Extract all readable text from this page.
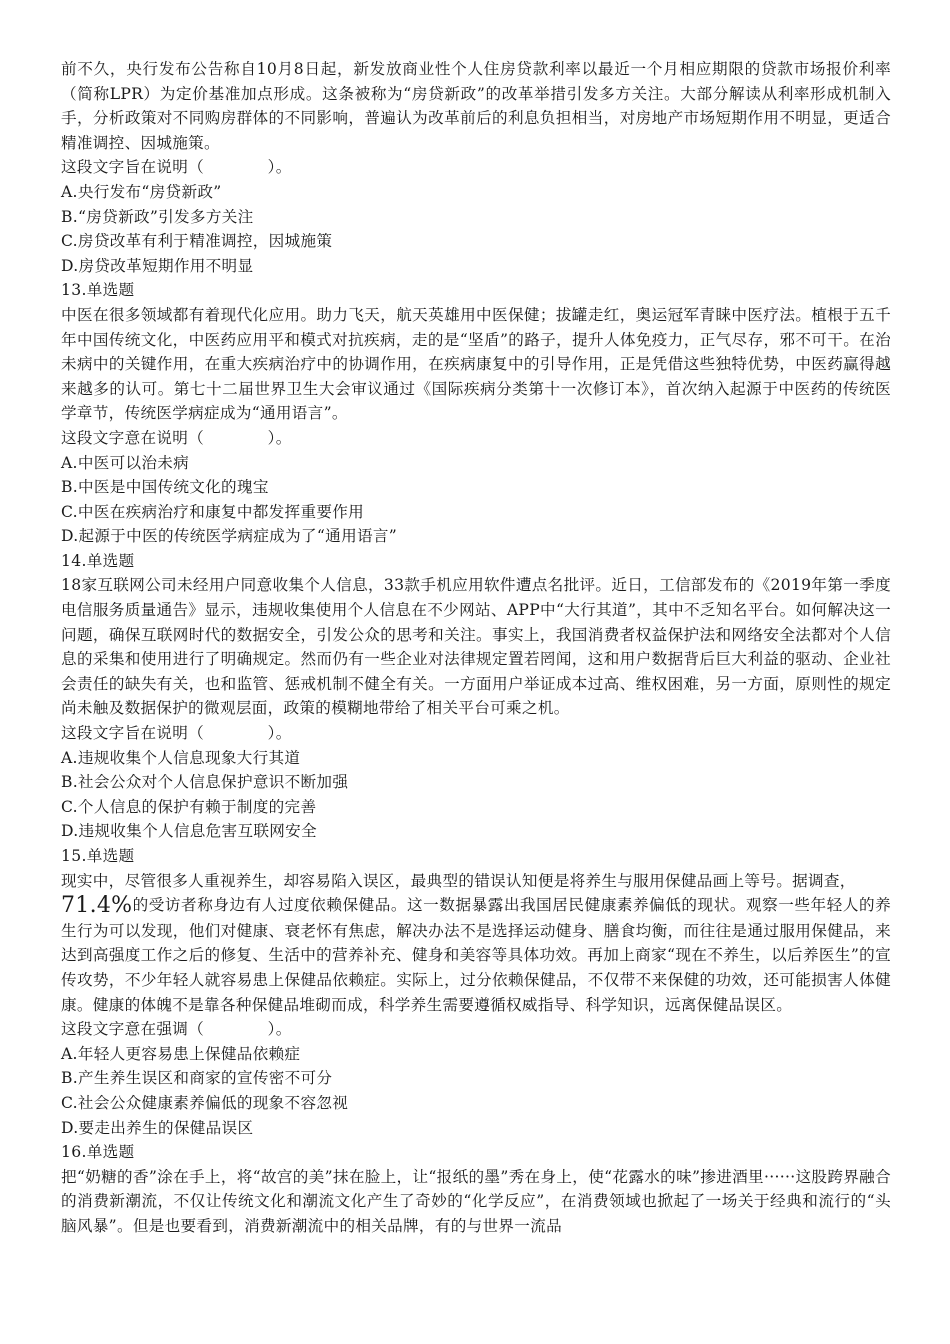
前不久，央行发布公告称自10月8日起，新发放商业性个人住房贷款利率以最近一个月相应期限的贷款市场报价利率（简称LPR）为定价基准加点形成。这条被称为“房贷新政”的改革举措引发多方关注。大部分解读从利率形成机制入手，分析政策对不同购房群体的不同影响，普遍认为改革前后的利息负担相当，对房地产市场短期作用不明显，更适合精准调控、因城施策。

这段文字旨在说明（　　　　）。

A.央行发布“房贷新政”

B.“房贷新政”引发多方关注

C.房贷改革有利于精准调控，因城施策

D.房贷改革短期作用不明显

13.单选题

中医在很多领域都有着现代化应用。助力飞天，航天英雄用中医保健；拔罐走红，奥运冠军青睐中医疗法。植根于五千年中国传统文化，中医药应用平和模式对抗疾病，走的是“坚盾”的路子，提升人体免疫力，正气尽存，邪不可干。在治未病中的关键作用，在重大疾病治疗中的协调作用，在疾病康复中的引导作用，正是凭借这些独特优势，中医药赢得越来越多的认可。第七十二届世界卫生大会审议通过《国际疾病分类第十一次修订本》，首次纳入起源于中医药的传统医学章节，传统医学病症成为“通用语言”。

这段文字意在说明（　　　　）。

A.中医可以治未病

B.中医是中国传统文化的瑰宝

C.中医在疾病治疗和康复中都发挥重要作用

D.起源于中医的传统医学病症成为了“通用语言”

14.单选题

18家互联网公司未经用户同意收集个人信息，33款手机应用软件遭点名批评。近日，工信部发布的《2019年第一季度电信服务质量通告》显示，违规收集使用个人信息在不少网站、APP中“大行其道”，其中不乏知名平台。如何解决这一问题，确保互联网时代的数据安全，引发公众的思考和关注。事实上，我国消费者权益保护法和网络安全法都对个人信息的采集和使用进行了明确规定。然而仍有一些企业对法律规定置若罔闻，这和用户数据背后巨大利益的驱动、企业社会责任的缺失有关，也和监管、惩戒机制不健全有关。一方面用户举证成本过高、维权困难，另一方面，原则性的规定尚未触及数据保护的微观层面，政策的模糊地带给了相关平台可乘之机。

这段文字旨在说明（　　　　）。

A.违规收集个人信息现象大行其道

B.社会公众对个人信息保护意识不断加强

C.个人信息的保护有赖于制度的完善

D.违规收集个人信息危害互联网安全

15.单选题

现实中，尽管很多人重视养生，却容易陷入误区，最典型的错误认知便是将养生与服用保健品画上等号。据调查，

71.4%的受访者称身边有人过度依赖保健品。这一数据暴露出我国居民健康素养偏低的现状。观察一些年轻人的养生行为可以发现，他们对健康、衰老怀有焦虑，解决办法不是选择运动健身、膳食均衡，而往往是通过服用保健品，来达到高强度工作之后的修复、生活中的营养补充、健身和美容等具体功效。再加上商家“现在不养生，以后养医生”的宣传攻势，不少年轻人就容易患上保健品依赖症。实际上，过分依赖保健品，不仅带不来保健的功效，还可能损害人体健康。健康的体魄不是靠各种保健品堆砌而成，科学养生需要遵循权威指导、科学知识，远离保健品误区。

这段文字意在强调（　　　　）。

A.年轻人更容易患上保健品依赖症

B.产生养生误区和商家的宣传密不可分

C.社会公众健康素养偏低的现象不容忽视

D.要走出养生的保健品误区

16.单选题

把“奶糖的香”涂在手上，将“故宫的美”抹在脸上，让“报纸的墨”秀在身上，使“花露水的味”掺进酒里······这股跨界融合的消费新潮流，不仅让传统文化和潮流文化产生了奇妙的“化学反应”，在消费领域也掀起了一场关于经典和流行的“头脑风暴”。但是也要看到，消费新潮流中的相关品牌，有的与世界一流品
